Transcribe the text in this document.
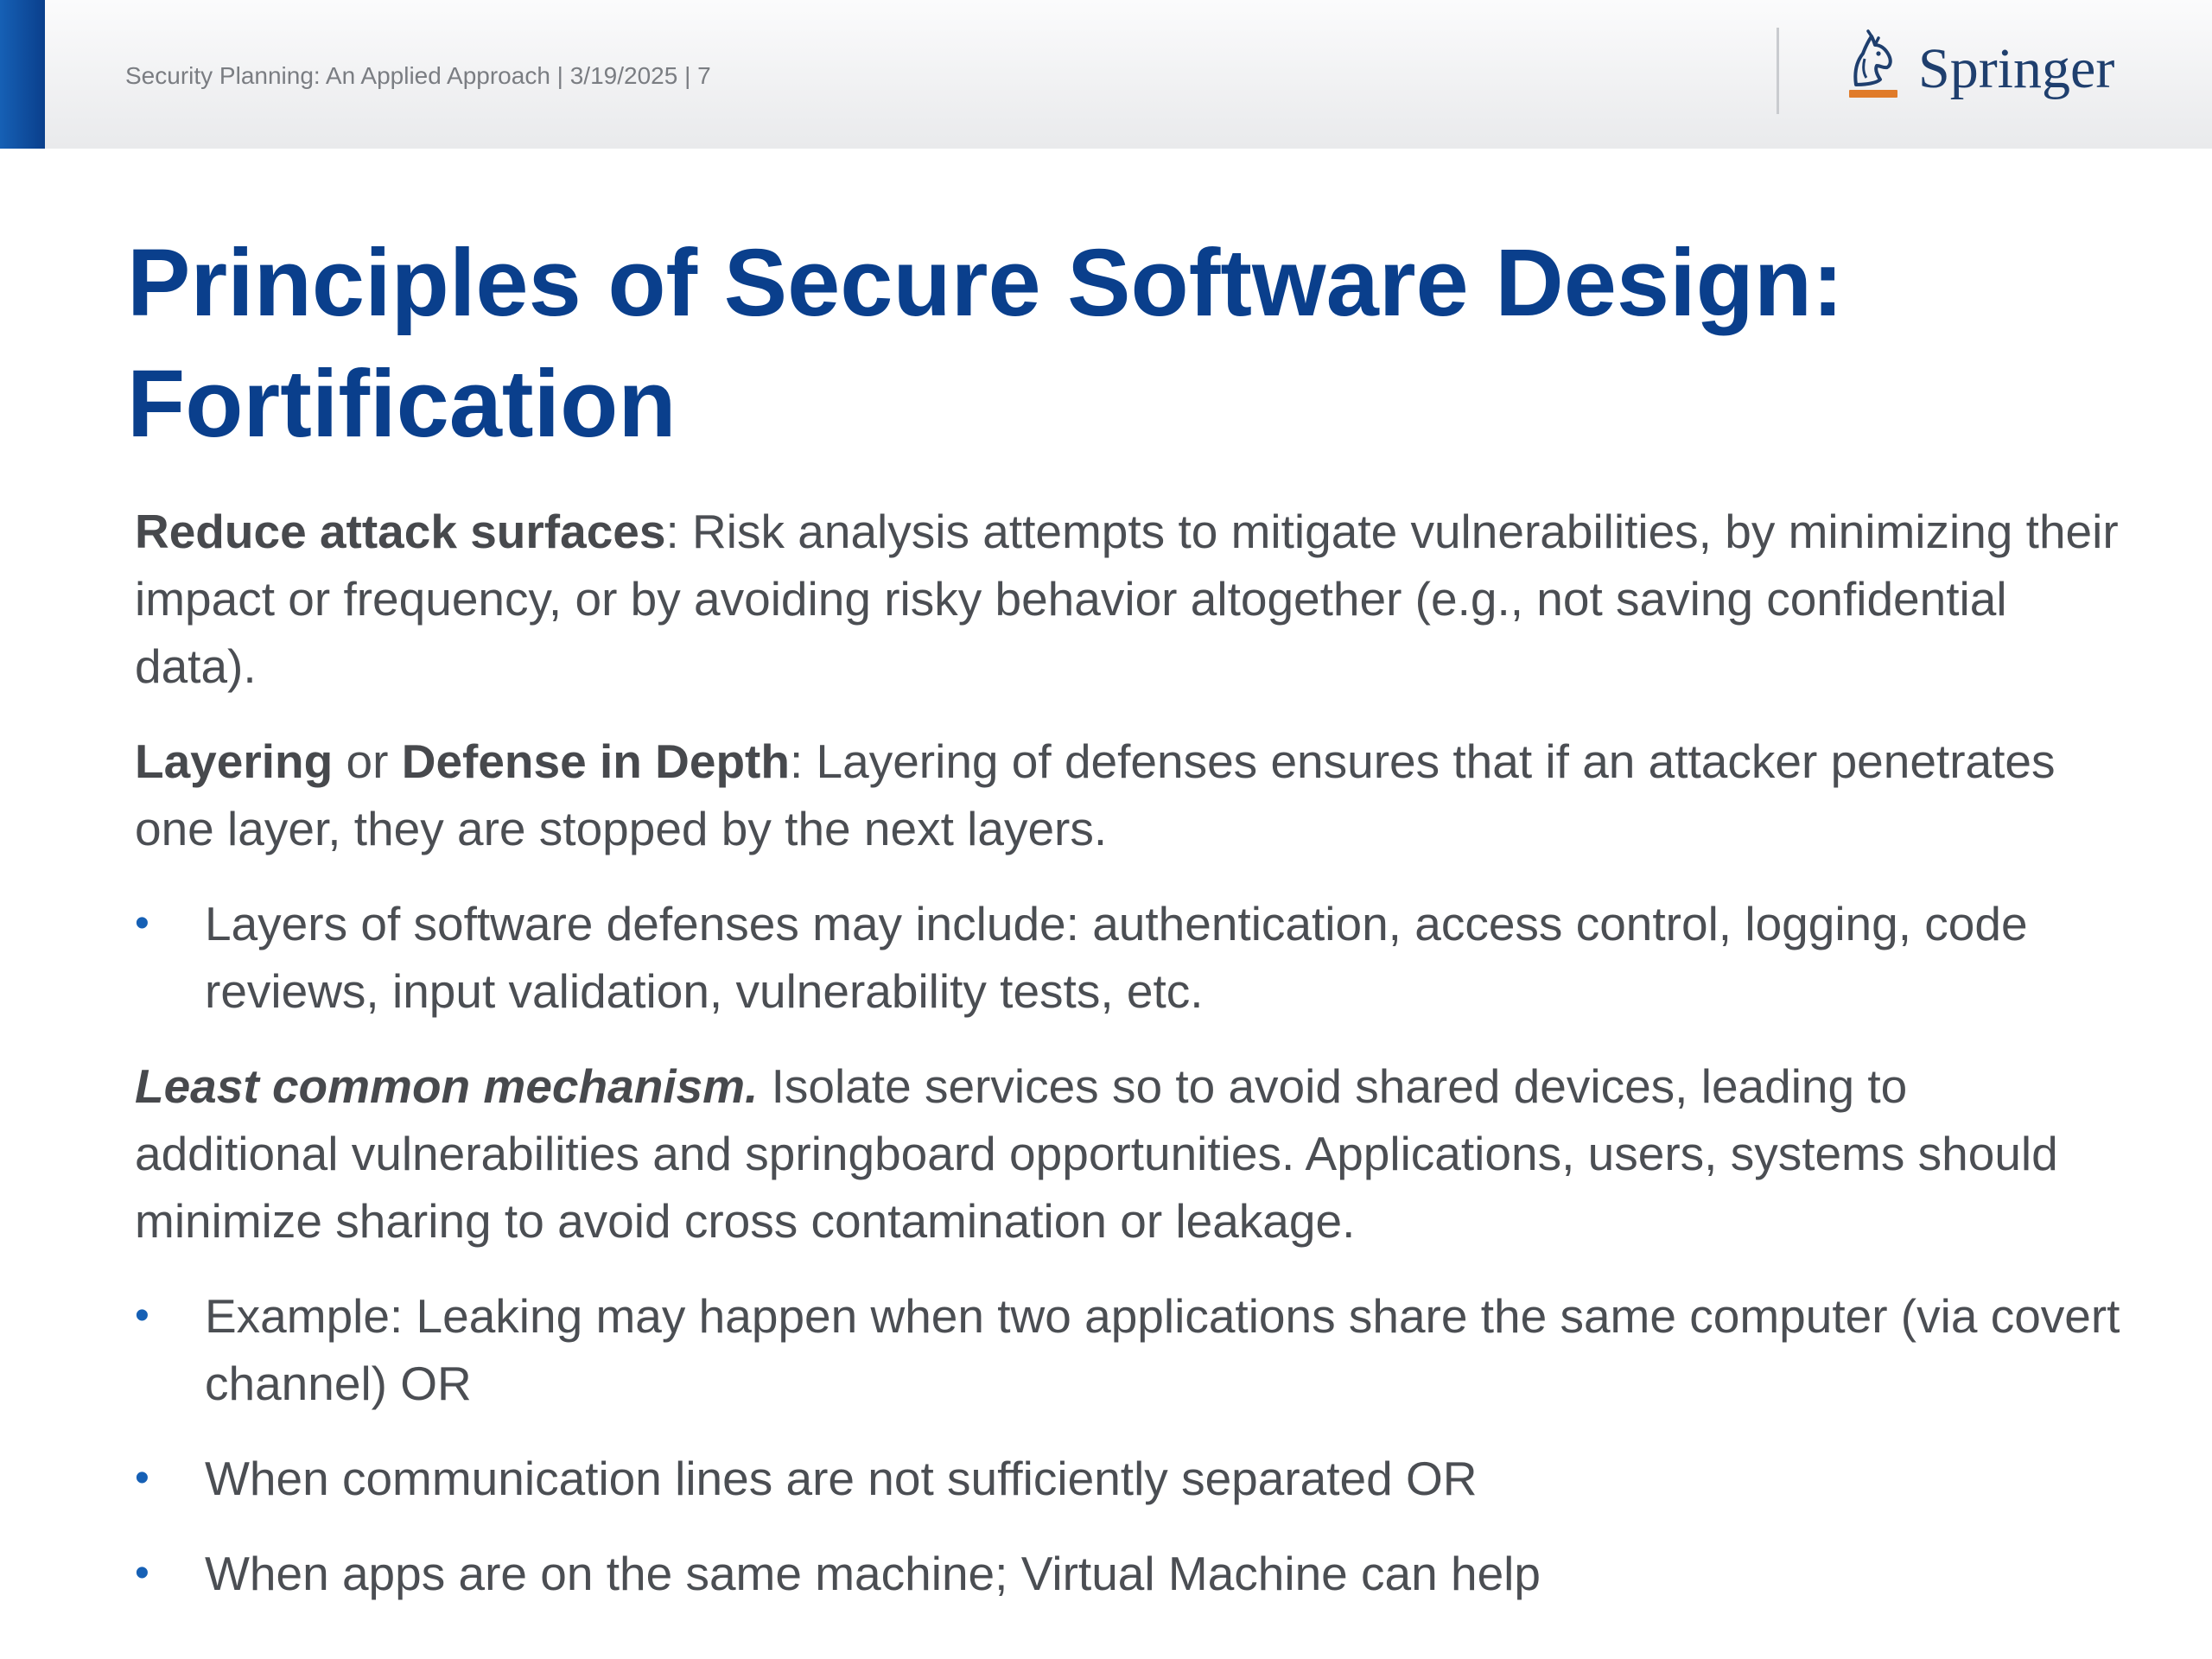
Security Planning: An Applied Approach | 3/19/2025 | 7	Springer
Principles of Secure Software Design:
Fortification

Reduce attack surfaces: Risk analysis attempts to mitigate vulnerabilities, by minimizing their impact or frequency, or by avoiding risky behavior altogether (e.g., not saving confidential data).

Layering or Defense in Depth: Layering of defenses ensures that if an attacker penetrates one layer, they are stopped by the next layers.

• Layers of software defenses may include: authentication, access control, logging, code reviews, input validation, vulnerability tests, etc.

Least common mechanism. Isolate services so to avoid shared devices, leading to additional vulnerabilities and springboard opportunities. Applications, users, systems should minimize sharing to avoid cross contamination or leakage.

• Example: Leaking may happen when two applications share the same computer (via covert channel) OR
• When communication lines are not sufficiently separated OR
• When apps are on the same machine; Virtual Machine can help
